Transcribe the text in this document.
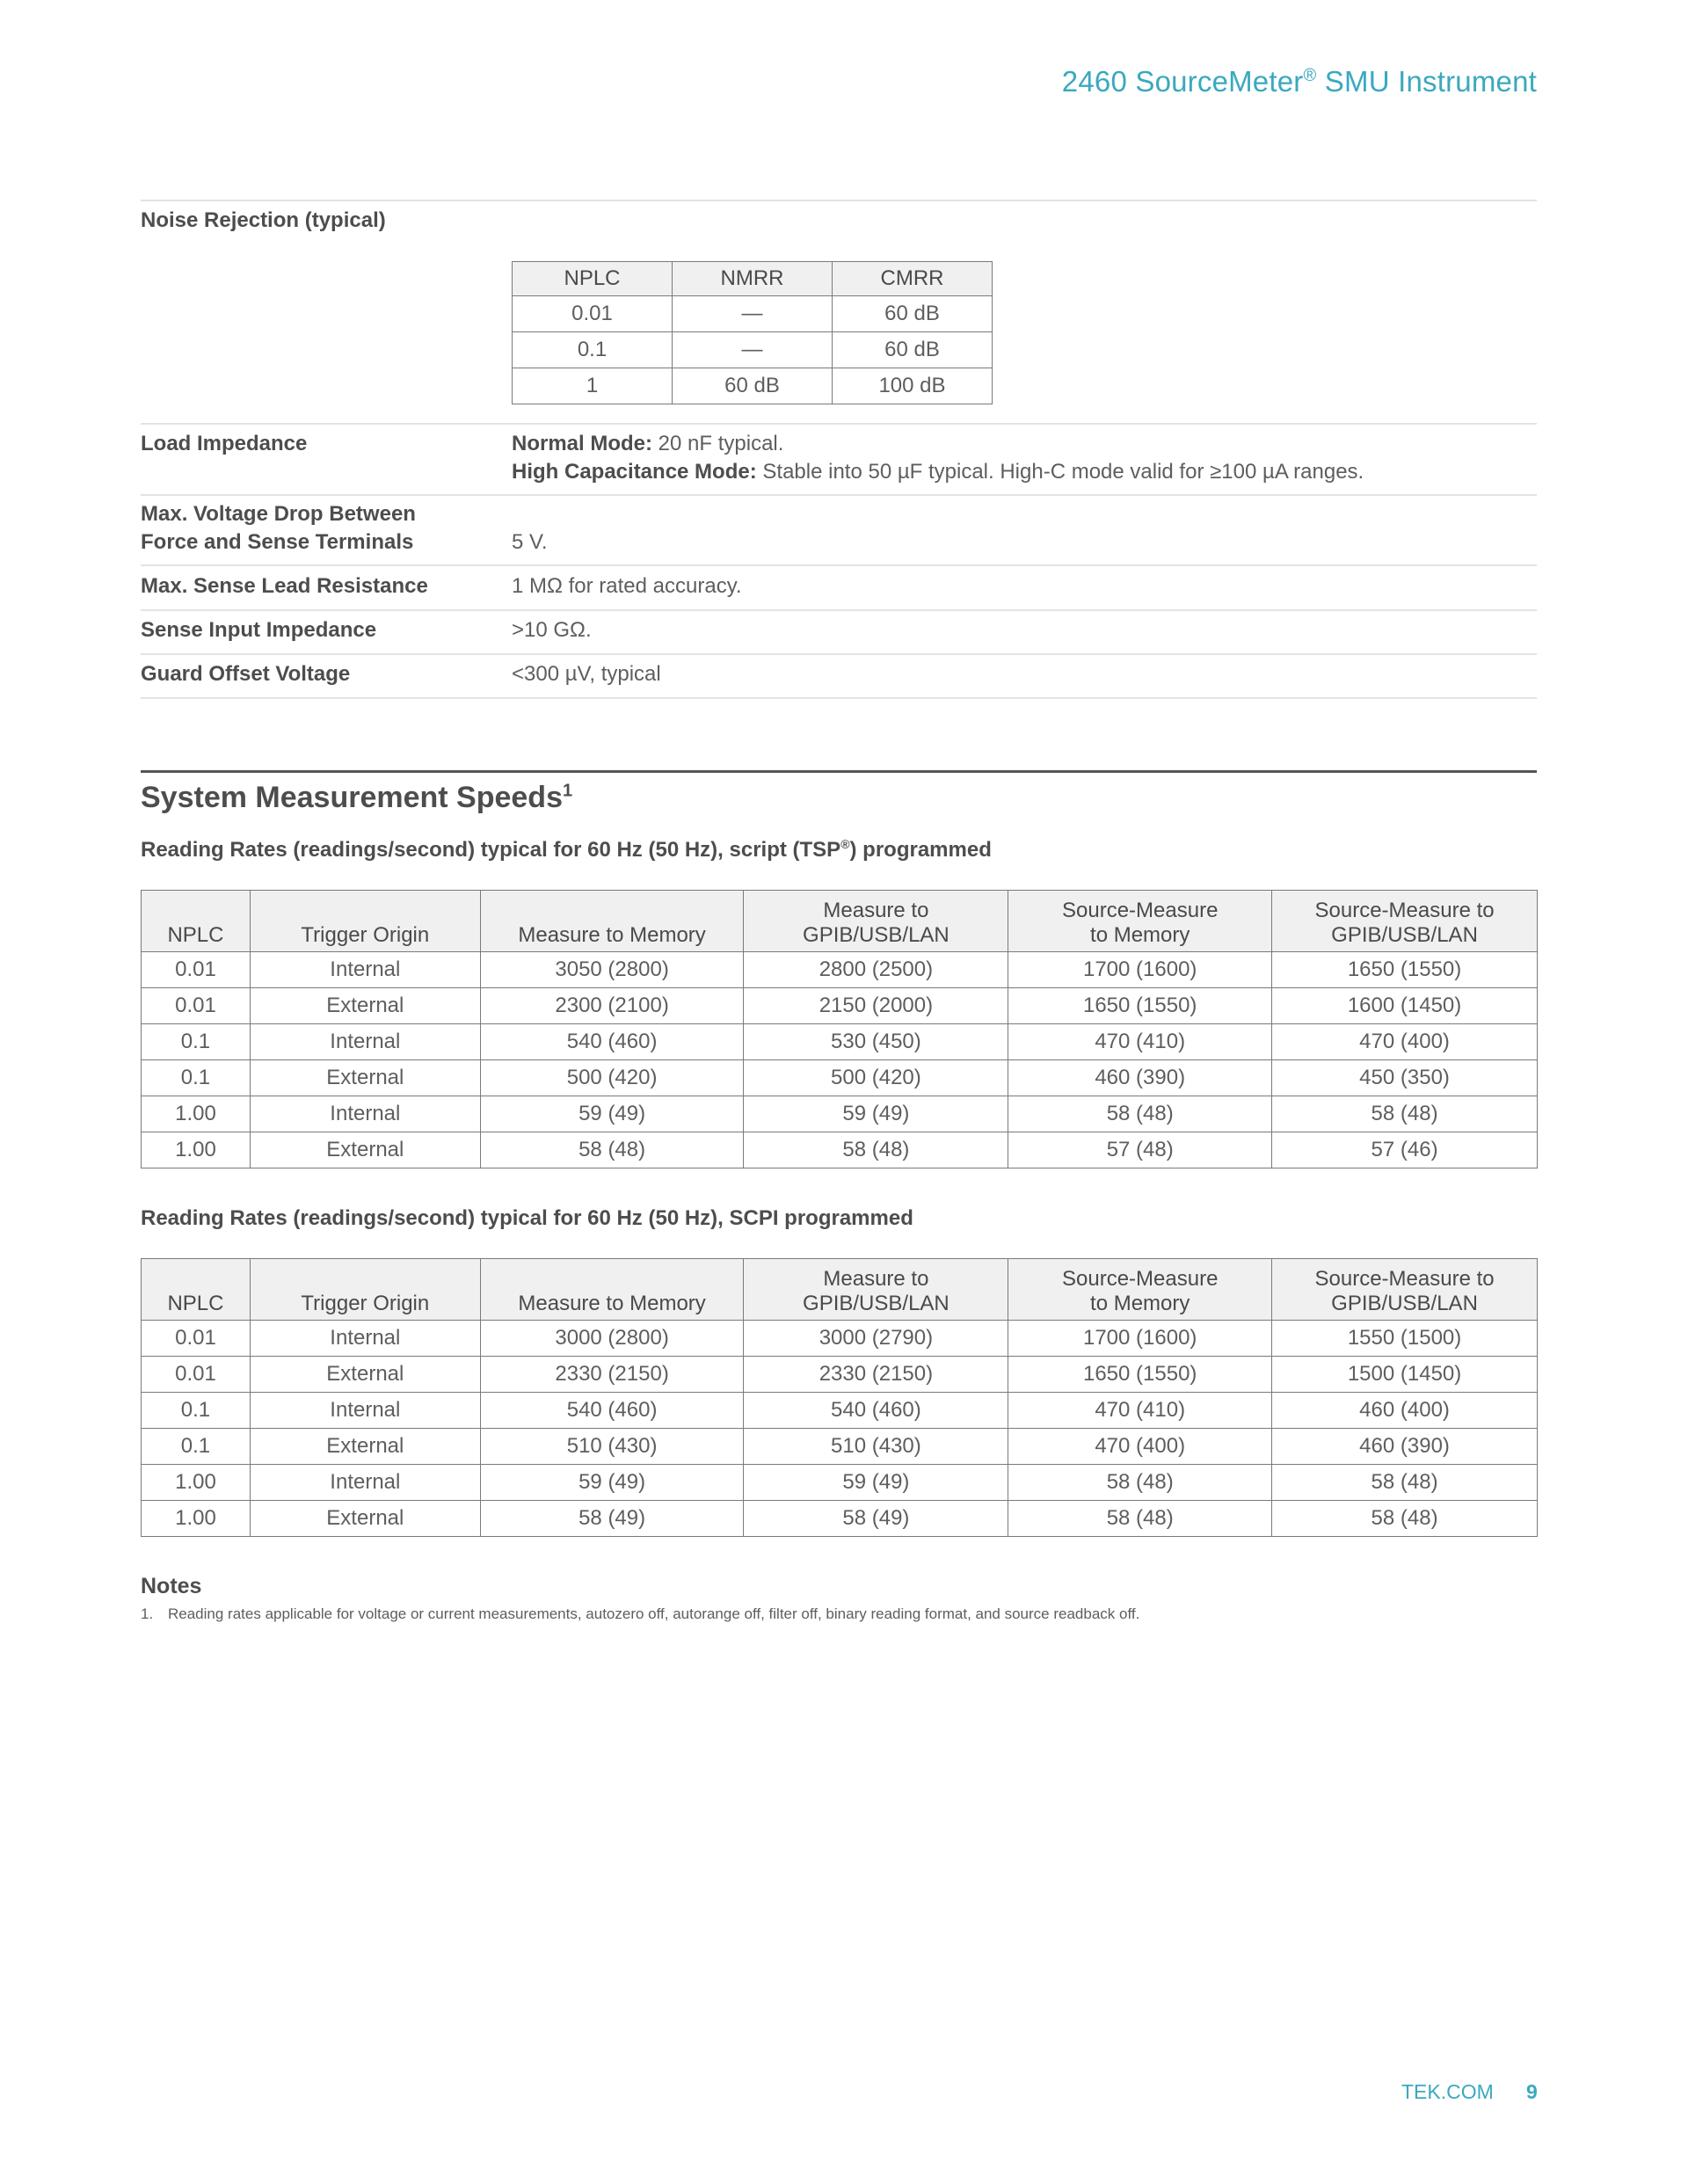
2460 SourceMeter® SMU Instrument
Noise Rejection (typical)
NPLC	NMRR	CMRR
0.01	—	60 dB
0.1	—	60 dB
1	60 dB	100 dB
Load Impedance	Normal Mode: 20 nF typical.
High Capacitance Mode: Stable into 50 µF typical. High-C mode valid for ≥100 µA ranges.
Max. Voltage Drop Between
Force and Sense Terminals	5 V.
Max. Sense Lead Resistance	1 MΩ for rated accuracy.
Sense Input Impedance	>10 GΩ.
Guard Offset Voltage	<300 µV, typical
System Measurement Speeds$^1$
Reading Rates (readings/second) typical for 60 Hz (50 Hz), script (TSP®) programmed
NPLC	Trigger Origin	Measure to Memory

Measure to
GPIB/USB/LAN

Source-Measure
to Memory

Source-Measure to
GPIB/USB/LAN

0.01	Internal	3050 (2800)	2800 (2500)	1700 (1600)	1650 (1550)
0.01	External	2300 (2100)	2150 (2000)	1650 (1550)	1600 (1450)
0.1	Internal	540 (460)	530 (450)	470 (410)	470 (400)
0.1	External	500 (420)	500 (420)	460 (390)	450 (350)
1.00	Internal	59 (49)	59 (49)	58 (48)	58 (48)
1.00	External	58 (48)	58 (48)	57 (48)	57 (46)
Reading Rates (readings/second) typical for 60 Hz (50 Hz), SCPI programmed
NPLC	Trigger Origin	Measure to Memory

Measure to
GPIB/USB/LAN

Source-Measure
to Memory

Source-Measure to
GPIB/USB/LAN

0.01	Internal	3000 (2800)	3000 (2790)	1700 (1600)	1550 (1500)
0.01	External	2330 (2150)	2330 (2150)	1650 (1550)	1500 (1450)
0.1	Internal	540 (460)	540 (460)	470 (410)	460 (400)
0.1	External	510 (430)	510 (430)	470 (400)	460 (390)
1.00	Internal	59 (49)	59 (49)	58 (48)	58 (48)
1.00	External	58 (49)	58 (49)	58 (48)	58 (48)
Notes
1. Reading rates applicable for voltage or current measurements, autozero off, autorange off, filter off, binary reading format, and source readback off.
TEK.COM 9
